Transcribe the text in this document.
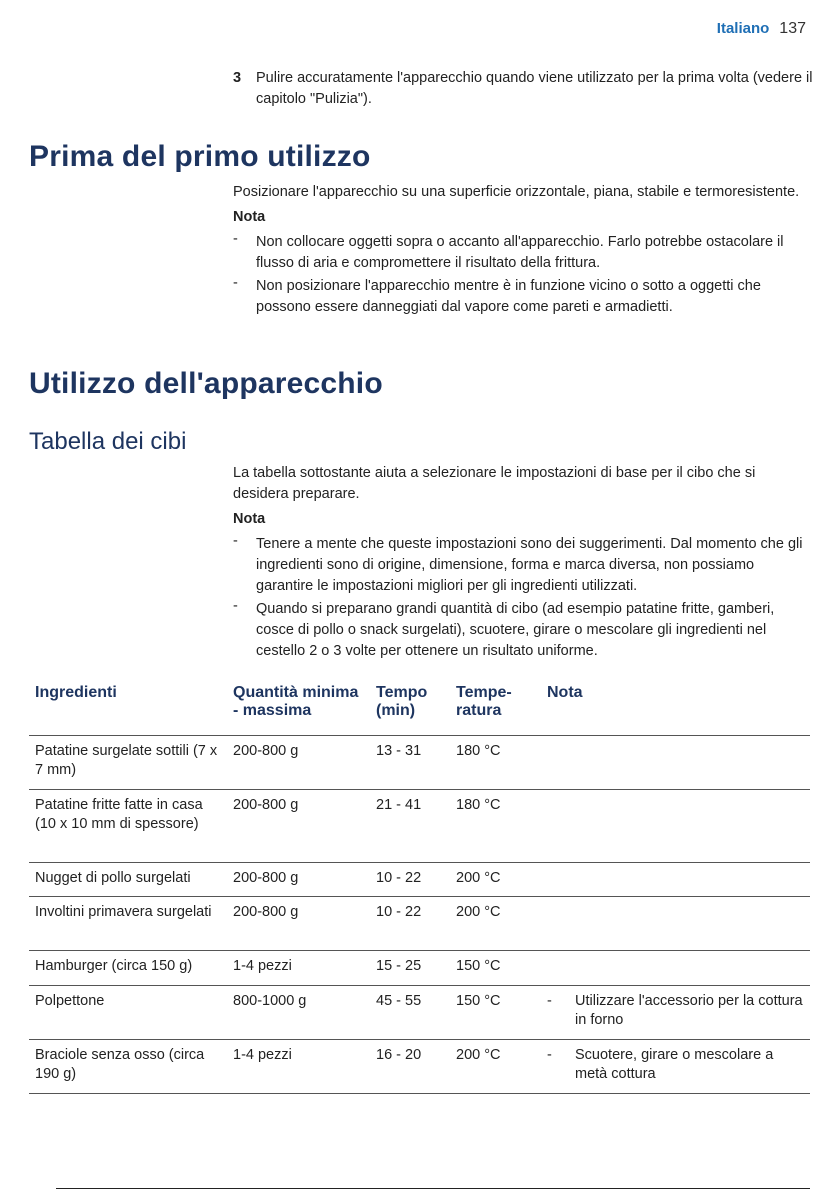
Italiano 137
3 Pulire accuratamente l'apparecchio quando viene utilizzato per la prima volta (vedere il capitolo "Pulizia").
Prima del primo utilizzo

Posizionare l'apparecchio su una superficie orizzontale, piana, stabile e termoresistente.

Nota

- Non collocare oggetti sopra o accanto all'apparecchio. Farlo potrebbe ostacolare il flusso di aria e compromettere il risultato della frittura.
- Non posizionare l'apparecchio mentre è in funzione vicino o sotto a oggetti che possono essere danneggiati dal vapore come pareti e armadietti.
Utilizzo dell'apparecchio
Tabella dei cibi

La tabella sottostante aiuta a selezionare le impostazioni di base per il cibo che si desidera preparare.

Nota

- Tenere a mente che queste impostazioni sono dei suggerimenti. Dal momento che gli ingredienti sono di origine, dimensione, forma e marca diversa, non possiamo garantire le impostazioni migliori per gli ingredienti utilizzati.
- Quando si preparano grandi quantità di cibo (ad esempio patatine fritte, gamberi, cosce di pollo o snack surgelati), scuotere, girare o mescolare gli ingredienti nel cestello 2 o 3 volte per ottenere un risultato uniforme.
Ingredienti	Quantità minima - massima	Tempo (min)	Tempe- ratura	Nota
Patatine surgelate sottili (7 x 7 mm)	200-800 g	13 - 31	180 °C	
Patatine fritte fatte in casa (10 x 10 mm di spessore)	200-800 g	21 - 41	180 °C	
Nugget di pollo surgelati	200-800 g	10 - 22	200 °C	
Involtini primavera surgelati	200-800 g	10 - 22	200 °C	
Hamburger (circa 150 g)	1-4 pezzi	15 - 25	150 °C	
Polpettone	800-1000 g	45 - 55	150 °C	- Utilizzare l'accessorio per la cottura in forno

Braciole senza osso (circa 190 g)	1-4 pezzi	16 - 20	200 °C	- Scuotere, girare o mescolare a metà cottura
